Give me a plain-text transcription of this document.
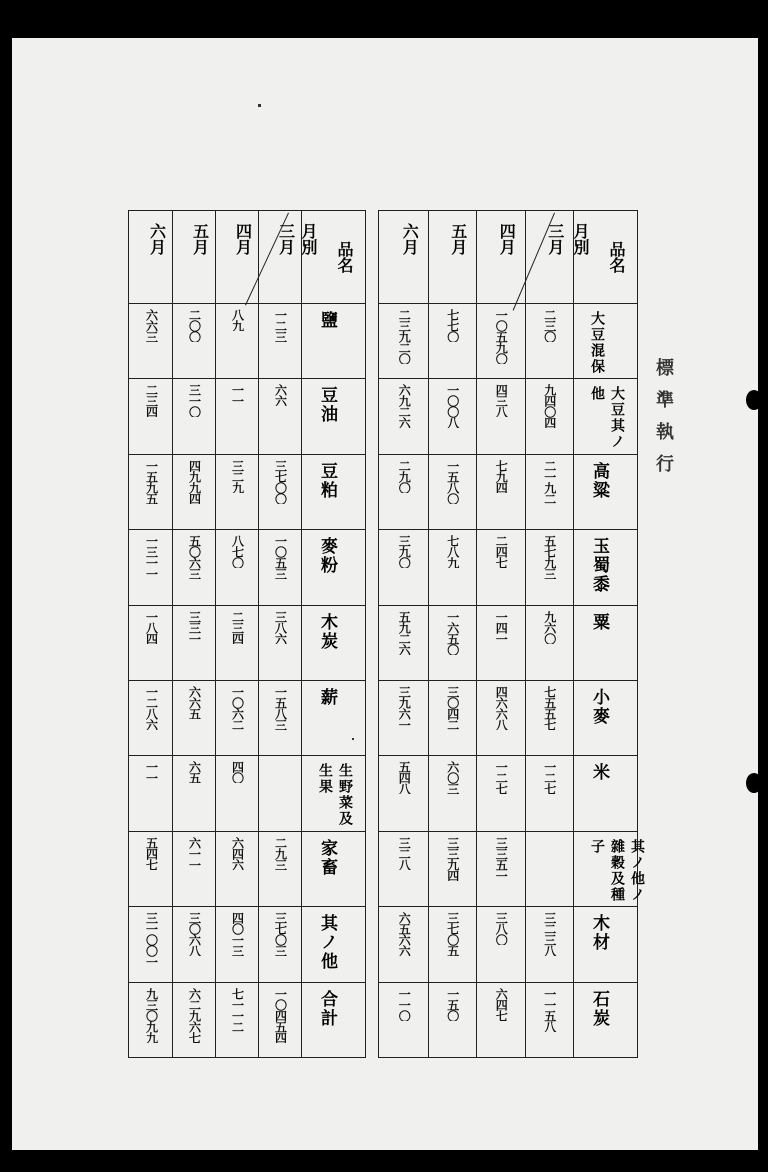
標準執行
月別
品名
三月
四月
五月
六月
大豆混保
二三〇
一〇五九〇
七七〇
二三九二〇
大豆其ノ他
九四〇四
四三八
一〇〇八
六九二六
高粱
二一九二
七九四
一五八〇
二九〇
玉蜀黍
五七九三
二四七
七八九
三九〇
粟
九六〇
一四一
一六五〇
五九二六
小麥
七五五七
四六六八
三〇四二
三九六一
米
一二七
一二七
六〇三
五四八
其ノ他ノ雜穀及種子
三三五一
三三九四
三二八
木材
三二三八
三八〇
三七〇五
六五六六
石炭
一一五八
六四七
一五〇
一一〇
月別
品名
三月
四月
五月
六月
鹽
一二三
八九
二〇〇
六六三
豆油
六六
一一
三一〇
二三四
豆粕
三七〇〇
三二九
四九九四
一五九五
麥粉
一〇五三
八七〇
五〇六三
一三一一
木炭
三八六
二三四
三三一
一八四
薪
一五八三
一〇六二
六六五
一二八六
生野菜及生果
四〇
六五
一一
家畜
二九三
六四六
六一一
五四七
其ノ他
三七〇三
四〇一三
三〇六八
三一〇〇一
合計
一〇四五四
七一一二
六二九六七
九三〇九九
